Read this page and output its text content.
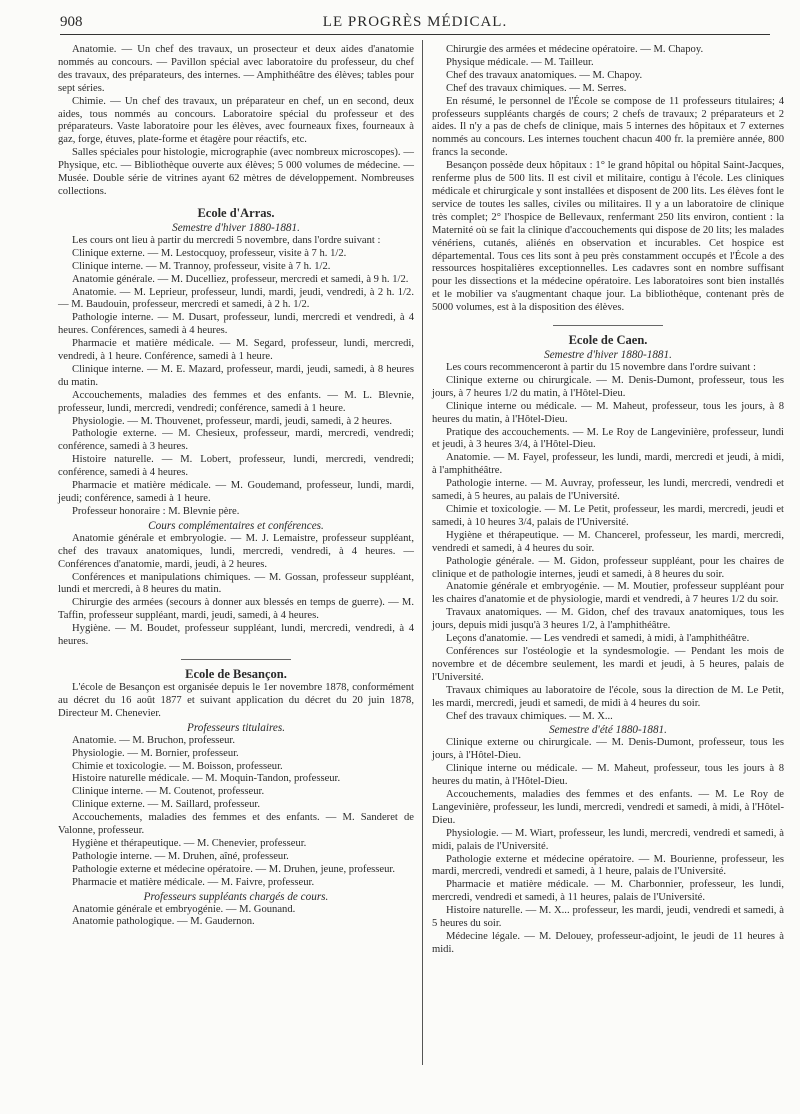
908	LE PROGRÈS MÉDICAL.

Anatomie. — Un chef des travaux, un prosecteur et deux aides d'anatomie nommés au concours. — Pavillon spécial avec laboratoire du professeur, du chef des travaux, des préparateurs, des internes. — Amphithéâtre des élèves; tables pour sept séries.

Chimie. — Un chef des travaux, un préparateur en chef, un en second, deux aides, tous nommés au concours. Laboratoire spécial du professeur et des préparateurs. Vaste laboratoire pour les élèves, avec fourneaux fixes, fourneaux à gaz, forge, étuves, plate-forme et étagère pour réactifs, etc.

Salles spéciales pour histologie, micrographie (avec nombreux microscopes). — Physique, etc. — Bibliothèque ouverte aux élèves; 5 000 volumes de médecine. — Musée. Double série de vitrines ayant 62 mètres de développement. Nombreuses collections.

Ecole d'Arras.

Semestre d'hiver 1880-1881.

Les cours ont lieu à partir du mercredi 5 novembre, dans l'ordre suivant :

Clinique externe. — M. Lestocquoy, professeur, visite à 7 h. 1/2.

Clinique interne. — M. Trannoy, professeur, visite à 7 h. 1/2.

Anatomie générale. — M. Ducelliez, professeur, mercredi et samedi, à 9 h. 1/2.

Anatomie. — M. Leprieur, professeur, lundi, mardi, jeudi, vendredi, à 2 h. 1/2. — M. Baudouin, professeur, mercredi et samedi, à 2 h. 1/2.

Pathologie interne. — M. Dusart, professeur, lundi, mercredi et vendredi, à 4 heures. Conférences, samedi à 4 heures.

Pharmacie et matière médicale. — M. Segard, professeur, lundi, mercredi, vendredi, à 1 heure. Conférence, samedi à 1 heure.

Clinique interne. — M. E. Mazard, professeur, mardi, jeudi, samedi, à 8 heures du matin.

Accouchements, maladies des femmes et des enfants. — M. L. Blevnie, professeur, lundi, mercredi, vendredi; conférence, samedi à 1 heure.

Physiologie. — M. Thouvenet, professeur, mardi, jeudi, samedi, à 2 heures.

Pathologie externe. — M. Chesieux, professeur, mardi, mercredi, vendredi; conférence, samedi à 3 heures.

Histoire naturelle. — M. Lobert, professeur, lundi, mercredi, vendredi; conférence, samedi à 4 heures.

Pharmacie et matière médicale. — M. Goudemand, professeur, lundi, mardi, jeudi; conférence, samedi à 1 heure.

Professeur honoraire : M. Blevnie père.

Cours complémentaires et conférences.

Anatomie générale et embryologie. — M. J. Lemaistre, professeur suppléant, chef des travaux anatomiques, lundi, mercredi, vendredi, à 4 heures. — Conférences d'anatomie, mardi, jeudi, à 2 heures.

Conférences et manipulations chimiques. — M. Gossan, professeur suppléant, lundi et mercredi, à 8 heures du matin.

Chirurgie des armées (secours à donner aux blessés en temps de guerre). — M. Taffin, professeur suppléant, mardi, jeudi, samedi, à 4 heures.

Hygiène. — M. Boudet, professeur suppléant, lundi, mercredi, vendredi, à 4 heures.

Ecole de Besançon.

L'école de Besançon est organisée depuis le 1er novembre 1878, conformément au décret du 16 août 1877 et suivant application du décret du 20 juin 1878, Directeur M. Chenevier.

Professeurs titulaires.

Anatomie. — M. Bruchon, professeur.

Physiologie. — M. Bornier, professeur.

Chimie et toxicologie. — M. Boisson, professeur.

Histoire naturelle médicale. — M. Moquin-Tandon, professeur.

Clinique interne. — M. Coutenot, professeur.

Clinique externe. — M. Saillard, professeur.

Accouchements, maladies des femmes et des enfants. — M. Sanderet de Valonne, professeur.

Hygiène et thérapeutique. — M. Chenevier, professeur.

Pathologie interne. — M. Druhen, aîné, professeur.

Pathologie externe et médecine opératoire. — M. Druhen, jeune, professeur.

Pharmacie et matière médicale. — M. Faivre, professeur.

Professeurs suppléants chargés de cours.

Anatomie générale et embryogénie. — M. Gounand.

Anatomie pathologique. — M. Gaudernon.

Chirurgie des armées et médecine opératoire. — M. Chapoy.

Physique médicale. — M. Tailleur.

Chef des travaux anatomiques. — M. Chapoy.

Chef des travaux chimiques. — M. Serres.

En résumé, le personnel de l'École se compose de 11 professeurs titulaires; 4 professeurs suppléants chargés de cours; 2 chefs de travaux; 2 préparateurs et 2 aides. Il n'y a pas de chefs de clinique, mais 5 internes des hôpitaux et 7 externes nommés au concours. Les internes touchent chacun 400 fr. la première année, 800 francs la seconde.

Besançon possède deux hôpitaux : 1° le grand hôpital ou hôpital Saint-Jacques, renferme plus de 500 lits. Il est civil et militaire, contigu à l'école. Les cliniques médicale et chirurgicale y sont installées et disposent de 200 lits. Les élèves font le service de toutes les salles, civiles ou militaires. Il y a un laboratoire de clinique très complet; 2° l'hospice de Bellevaux, renfermant 250 lits environ, contient : la Maternité où se fait la clinique d'accouchements qui dispose de 20 lits; les malades vénériens, cutanés, aliénés en observation et incurables. Cet hospice est départemental. Tous ces lits sont à peu près constamment occupés et l'École a des ressources hospitalières exceptionnelles. Les cadavres sont en nombre suffisant pour les dissections et la médecine opératoire. Les laboratoires sont bien installés et le mobilier va s'augmentant chaque jour. La bibliothèque, contenant près de 5000 volumes, est à la disposition des élèves.

Ecole de Caen.

Semestre d'hiver 1880-1881.

Les cours recommenceront à partir du 15 novembre dans l'ordre suivant :

Clinique externe ou chirurgicale. — M. Denis-Dumont, professeur, tous les jours, à 7 heures 1/2 du matin, à l'Hôtel-Dieu.

Clinique interne ou médicale. — M. Maheut, professeur, tous les jours, à 8 heures du matin, à l'Hôtel-Dieu.

Pratique des accouchements. — M. Le Roy de Langevinière, professeur, lundi et jeudi, à 3 heures 3/4, à l'Hôtel-Dieu.

Anatomie. — M. Fayel, professeur, les lundi, mardi, mercredi et jeudi, à midi, à l'amphithéâtre.

Pathologie interne. — M. Auvray, professeur, les lundi, mercredi, vendredi et samedi, à 5 heures, au palais de l'Université.

Chimie et toxicologie. — M. Le Petit, professeur, les mardi, mercredi, jeudi et samedi, à 10 heures 3/4, palais de l'Université.

Hygiène et thérapeutique. — M. Chancerel, professeur, les mardi, mercredi, vendredi et samedi, à 4 heures du soir.

Pathologie générale. — M. Gidon, professeur suppléant, pour les chaires de clinique et de pathologie internes, jeudi et samedi, à 8 heures du soir.

Anatomie générale et embryogénie. — M. Moutier, professeur suppléant pour les chaires d'anatomie et de physiologie, mardi et vendredi, à 7 heures 1/2 du soir.

Travaux anatomiques. — M. Gidon, chef des travaux anatomiques, tous les jours, depuis midi jusqu'à 3 heures 1/2, à l'amphithéâtre.

Leçons d'anatomie. — Les vendredi et samedi, à midi, à l'amphithéâtre.

Conférences sur l'ostéologie et la syndesmologie. — Pendant les mois de novembre et de décembre seulement, les mardi et jeudi, à 5 heures, palais de l'Université.

Travaux chimiques au laboratoire de l'école, sous la direction de M. Le Petit, les mardi, mercredi, jeudi et samedi, de midi à 4 heures du soir.

Chef des travaux chimiques. — M. X...

Semestre d'été 1880-1881.

Clinique externe ou chirurgicale. — M. Denis-Dumont, professeur, tous les jours, à l'Hôtel-Dieu.

Clinique interne ou médicale. — M. Maheut, professeur, tous les jours à 8 heures du matin, à l'Hôtel-Dieu.

Accouchements, maladies des femmes et des enfants. — M. Le Roy de Langevinière, professeur, les lundi, mercredi, vendredi et samedi, à midi, à l'Hôtel-Dieu.

Physiologie. — M. Wiart, professeur, les lundi, mercredi, vendredi et samedi, à midi, palais de l'Université.

Pathologie externe et médecine opératoire. — M. Bourienne, professeur, les mardi, mercredi, vendredi et samedi, à 1 heure, palais de l'Université.

Pharmacie et matière médicale. — M. Charbonnier, professeur, les lundi, mercredi, vendredi et samedi, à 11 heures, palais de l'Université.

Histoire naturelle. — M. X... professeur, les mardi, jeudi, vendredi et samedi, à 5 heures du soir.

Médecine légale. — M. Delouey, professeur-adjoint, le jeudi de 11 heures à midi.
